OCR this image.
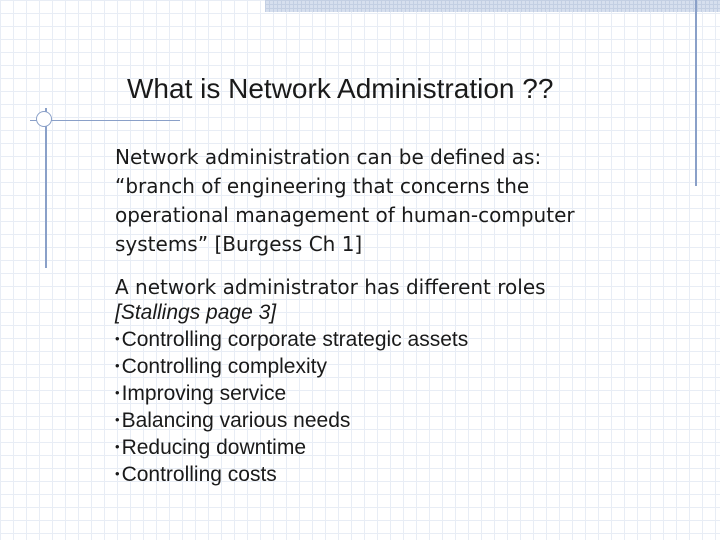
What is Network Administration ??
Network administration can be defined as:
“branch of engineering that concerns the
operational management of human-computer
systems” [Burgess Ch 1]
A network administrator has different roles
[Stallings page 3]
•Controlling corporate strategic assets
•Controlling complexity
•Improving service
•Balancing various needs
•Reducing downtime
•Controlling costs
